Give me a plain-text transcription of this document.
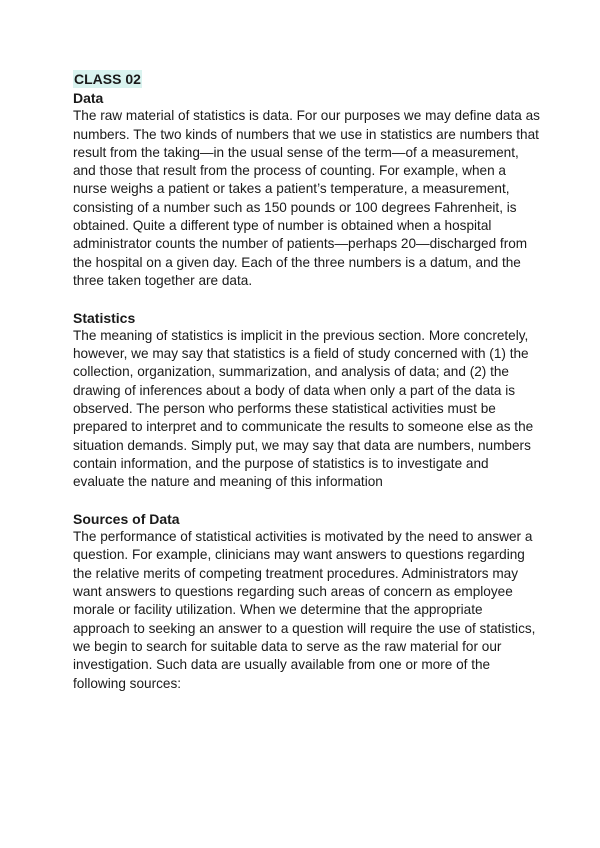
CLASS 02
Data

The raw material of statistics is data. For our purposes we may define data as numbers. The two kinds of numbers that we use in statistics are numbers that result from the taking—in the usual sense of the term—of a measurement, and those that result from the process of counting. For example, when a nurse weighs a patient or takes a patient’s temperature, a measurement, consisting of a number such as 150 pounds or 100 degrees Fahrenheit, is obtained. Quite a different type of number is obtained when a hospital administrator counts the number of patients—perhaps 20—discharged from the hospital on a given day. Each of the three numbers is a datum, and the three taken together are data.

Statistics

The meaning of statistics is implicit in the previous section. More concretely, however, we may say that statistics is a field of study concerned with (1) the collection, organization, summarization, and analysis of data; and (2) the drawing of inferences about a body of data when only a part of the data is observed. The person who performs these statistical activities must be prepared to interpret and to communicate the results to someone else as the situation demands. Simply put, we may say that data are numbers, numbers contain information, and the purpose of statistics is to investigate and evaluate the nature and meaning of this information

Sources of Data

The performance of statistical activities is motivated by the need to answer a question. For example, clinicians may want answers to questions regarding the relative merits of competing treatment procedures. Administrators may want answers to questions regarding such areas of concern as employee morale or facility utilization. When we determine that the appropriate approach to seeking an answer to a question will require the use of statistics, we begin to search for suitable data to serve as the raw material for our investigation. Such data are usually available from one or more of the following sources:
